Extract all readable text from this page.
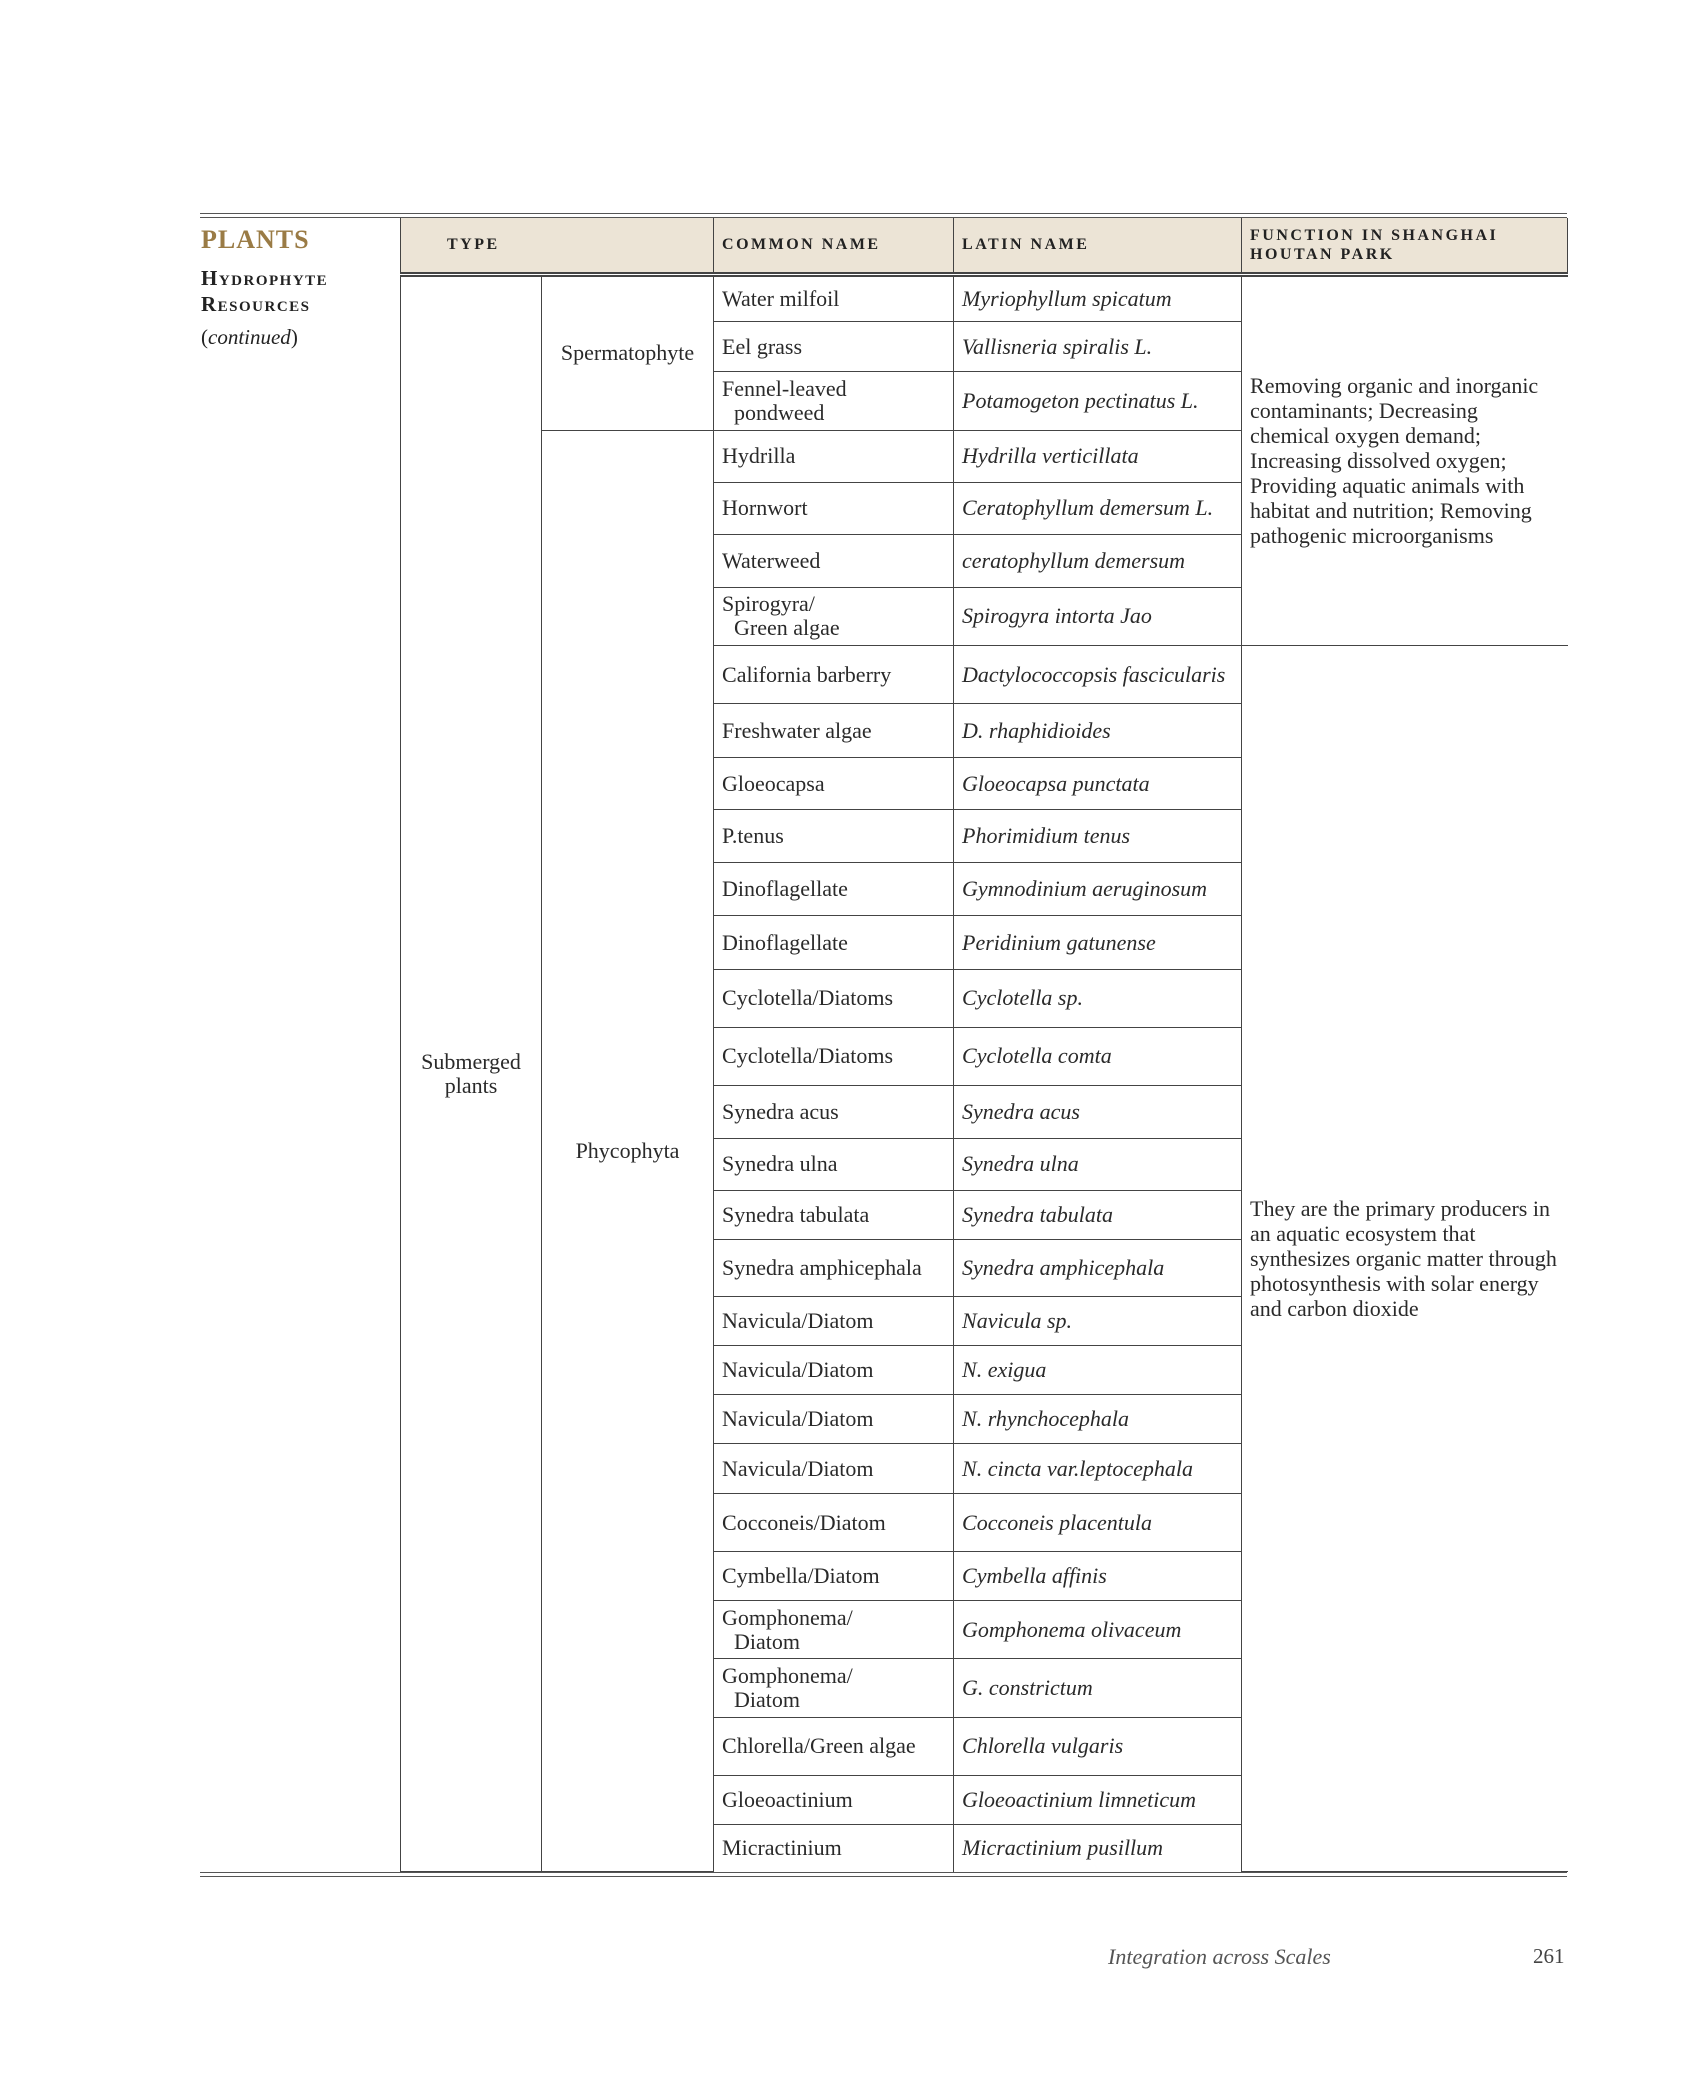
PLANTS
Hydrophyte
Resources
(continued)
TYPE		COMMON NAME	LATIN NAME	FUNCTION IN SHANGHAI
HOUTAN PARK
Submerged
plants	Spermatophyte	Water milfoil	Myriophyllum spicatum	Removing organic and inorganic contaminants; Decreasing chemical oxygen demand; Increasing dissolved oxygen; Providing aquatic animals with habitat and nutrition; Removing pathogenic microorganisms
		Eel grass	Vallisneria spiralis L.	
		Fennel-leaved
pondweed	Potamogeton pectinatus L.	
	Phycophyta	Hydrilla	Hydrilla verticillata	
		Hornwort	Ceratophyllum demersum L.	
		Waterweed	ceratophyllum demersum	
		Spirogyra/
Green algae	Spirogyra intorta Jao	
		California barberry	Dactylococcopsis fascicularis	They are the primary producers in an aquatic ecosystem that synthesizes organic matter through photosynthesis with solar energy and carbon dioxide
		Freshwater algae	D. rhaphidioides	
		Gloeocapsa	Gloeocapsa punctata	
		P.tenus	Phorimidium tenus	
		Dinoflagellate	Gymnodinium aeruginosum	
		Dinoflagellate	Peridinium gatunense	
		Cyclotella/Diatoms	Cyclotella sp.	
		Cyclotella/Diatoms	Cyclotella comta	
		Synedra acus	Synedra acus	
		Synedra ulna	Synedra ulna	
		Synedra tabulata	Synedra tabulata	
		Synedra amphicephala	Synedra amphicephala	
		Navicula/Diatom	Navicula sp.	
		Navicula/Diatom	N. exigua	
		Navicula/Diatom	N. rhynchocephala	
		Navicula/Diatom	N. cincta var.leptocephala	
		Cocconeis/Diatom	Cocconeis placentula	
		Cymbella/Diatom	Cymbella affinis	
		Gomphonema/
Diatom	Gomphonema olivaceum	
		Gomphonema/
Diatom	G. constrictum	
		Chlorella/Green algae	Chlorella vulgaris	
		Gloeoactinium	Gloeoactinium limneticum	
		Micractinium	Micractinium pusillum	
Integration across Scales	261
